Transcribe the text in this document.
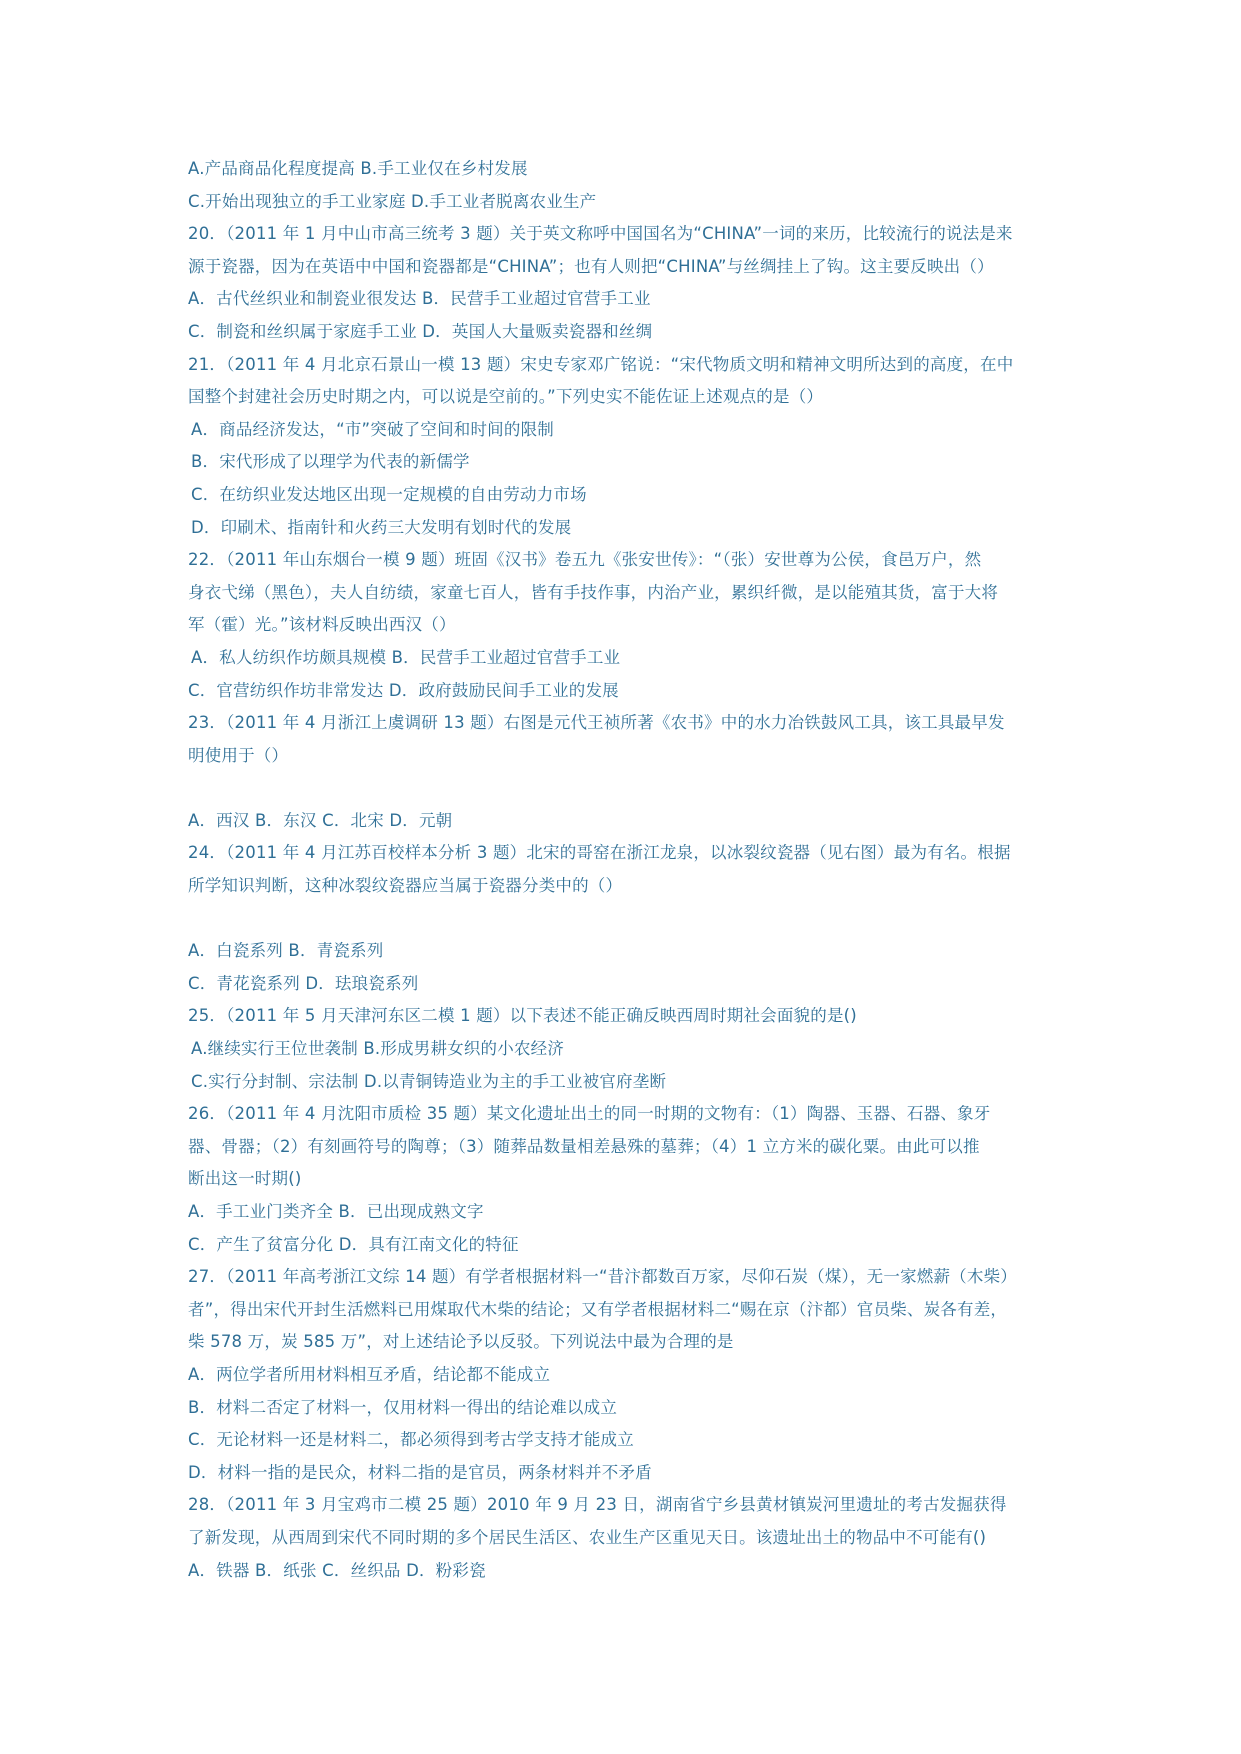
A.产品商品化程度提高 B.手工业仅在乡村发展
C.开始出现独立的手工业家庭 D.手工业者脱离农业生产
20．（2011 年 1 月中山市高三统考 3 题）关于英文称呼中国国名为“CHINA”一词的来历，比较流行的说法是来
源于瓷器，因为在英语中中国和瓷器都是“CHINA”；也有人则把“CHINA”与丝绸挂上了钩。这主要反映出（）
A．古代丝织业和制瓷业很发达 B．民营手工业超过官营手工业
C．制瓷和丝织属于家庭手工业 D．英国人大量贩卖瓷器和丝绸
21．（2011 年 4 月北京石景山一模 13 题）宋史专家邓广铭说：“宋代物质文明和精神文明所达到的高度，在中
国整个封建社会历史时期之内，可以说是空前的。”下列史实不能佐证上述观点的是（）
A．商品经济发达，“市”突破了空间和时间的限制
B．宋代形成了以理学为代表的新儒学
C．在纺织业发达地区出现一定规模的自由劳动力市场
D．印刷术、指南针和火药三大发明有划时代的发展
22．（2011 年山东烟台一模 9 题）班固《汉书》卷五九《张安世传》：“（张）安世尊为公侯，食邑万户，然
身衣弋绨（黑色），夫人自纺绩，家童七百人，皆有手技作事，内治产业，累织纤微，是以能殖其货，富于大将
军（霍）光。”该材料反映出西汉（）
A．私人纺织作坊颇具规模 B．民营手工业超过官营手工业
C．官营纺织作坊非常发达 D．政府鼓励民间手工业的发展
23．（2011 年 4 月浙江上虞调研 13 题）右图是元代王祯所著《农书》中的水力冶铁鼓风工具，该工具最早发
明使用于（）
A．西汉 B．东汉 C．北宋 D．元朝
24．（2011 年 4 月江苏百校样本分析 3 题）北宋的哥窑在浙江龙泉，以冰裂纹瓷器（见右图）最为有名。根据
所学知识判断，这种冰裂纹瓷器应当属于瓷器分类中的（）
A．白瓷系列 B．青瓷系列
C．青花瓷系列 D．珐琅瓷系列
25．（2011 年 5 月天津河东区二模 1 题）以下表述不能正确反映西周时期社会面貌的是()
A.继续实行王位世袭制 B.形成男耕女织的小农经济
C.实行分封制、宗法制 D.以青铜铸造业为主的手工业被官府垄断
26．（2011 年 4 月沈阳市质检 35 题）某文化遗址出土的同一时期的文物有：（1）陶器、玉器、石器、象牙
器、骨器；（2）有刻画符号的陶尊；（3）随葬品数量相差悬殊的墓葬；（4）1 立方米的碳化粟。由此可以推
断出这一时期()
A．手工业门类齐全 B．已出现成熟文字
C．产生了贫富分化 D．具有江南文化的特征
27．（2011 年高考浙江文综 14 题）有学者根据材料一“昔汴都数百万家，尽仰石炭（煤），无一家燃薪（木柴）
者”，得出宋代开封生活燃料已用煤取代木柴的结论；又有学者根据材料二“赐在京（汴都）官员柴、炭各有差，
柴 578 万，炭 585 万”，对上述结论予以反驳。下列说法中最为合理的是
A．两位学者所用材料相互矛盾，结论都不能成立
B．材料二否定了材料一，仅用材料一得出的结论难以成立
C．无论材料一还是材料二，都必须得到考古学支持才能成立
D．材料一指的是民众，材料二指的是官员，两条材料并不矛盾
28．（2011 年 3 月宝鸡市二模 25 题）2010 年 9 月 23 日，湖南省宁乡县黄材镇炭河里遗址的考古发掘获得
了新发现，从西周到宋代不同时期的多个居民生活区、农业生产区重见天日。该遗址出土的物品中不可能有()
A．铁器 B．纸张 C．丝织品 D．粉彩瓷
